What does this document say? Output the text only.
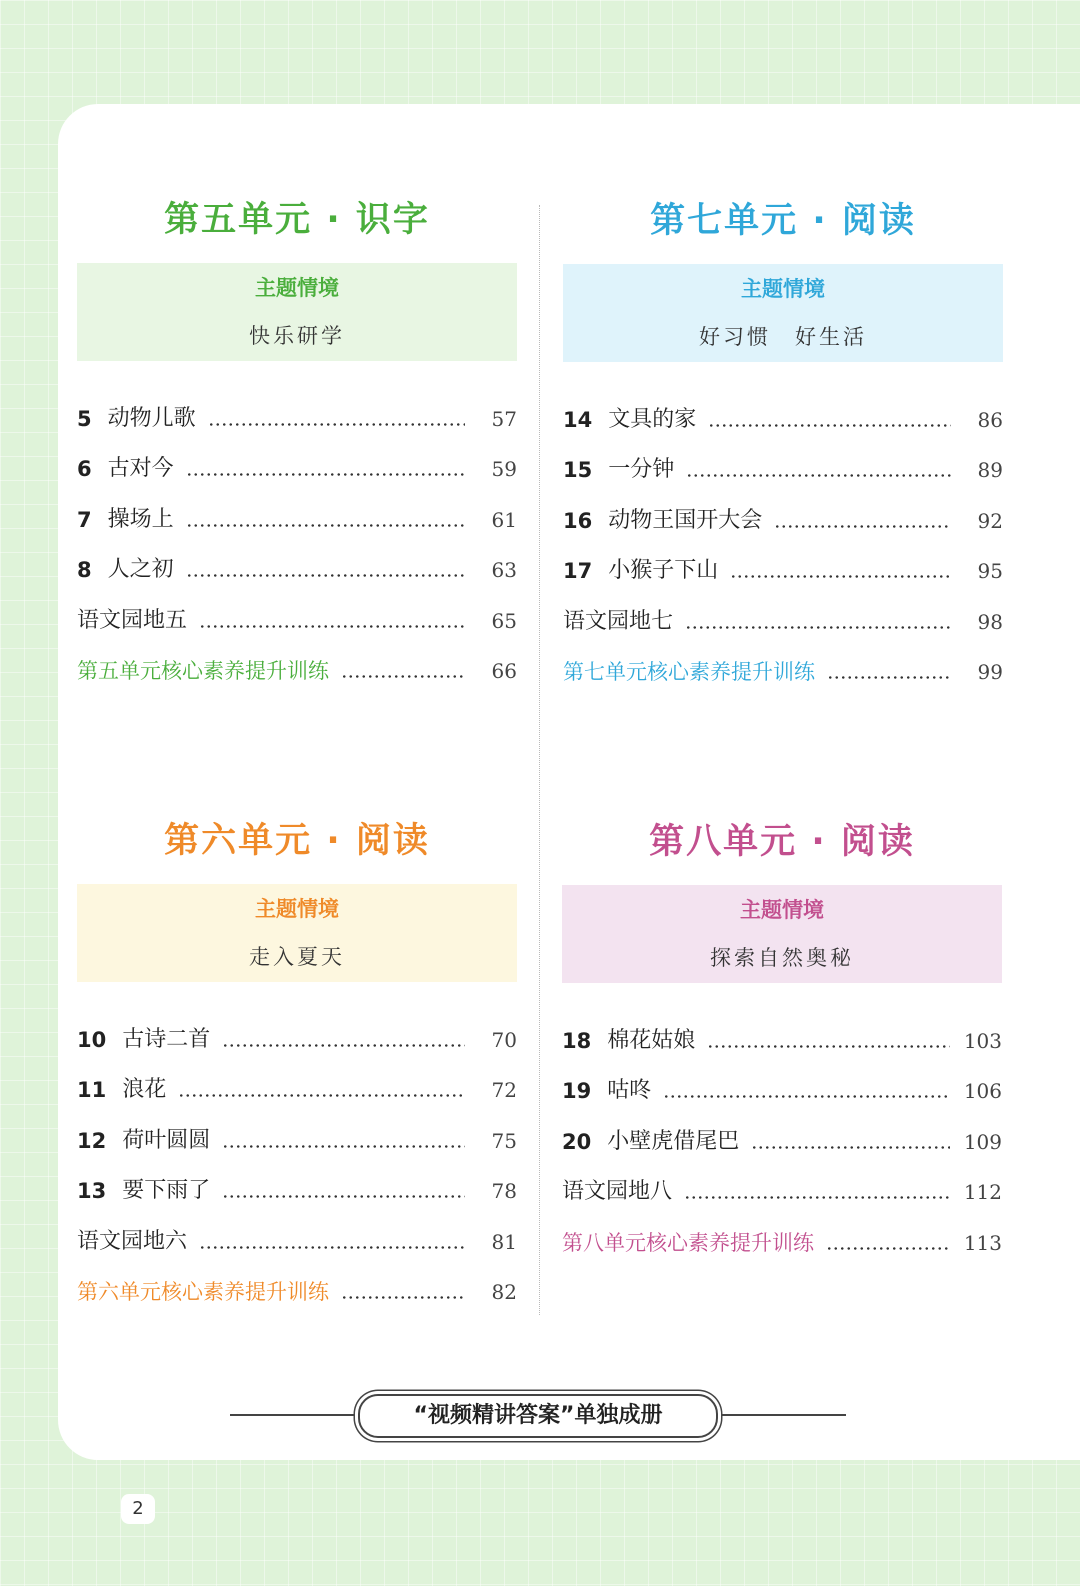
第五单元 · 识字
主题情境
快乐研学
5 动物儿歌	57
6 古对今	59
7 操场上	61
8 人之初	63
语文园地五	65
第五单元核心素养提升训练	66
第七单元 · 阅读
主题情境
好习惯　好生活
14 文具的家	86
15 一分钟	89
16 动物王国开大会	92
17 小猴子下山	95
语文园地七	98
第七单元核心素养提升训练	99
第六单元 · 阅读
主题情境
走入夏天
10 古诗二首	70
11 浪花	72
12 荷叶圆圆	75
13 要下雨了	78
语文园地六	81
第六单元核心素养提升训练	82
第八单元 · 阅读
主题情境
探索自然奥秘
18 棉花姑娘	103
19 咕咚	106
20 小壁虎借尾巴	109
语文园地八	112
第八单元核心素养提升训练	113
“视频精讲答案”单独成册
2
